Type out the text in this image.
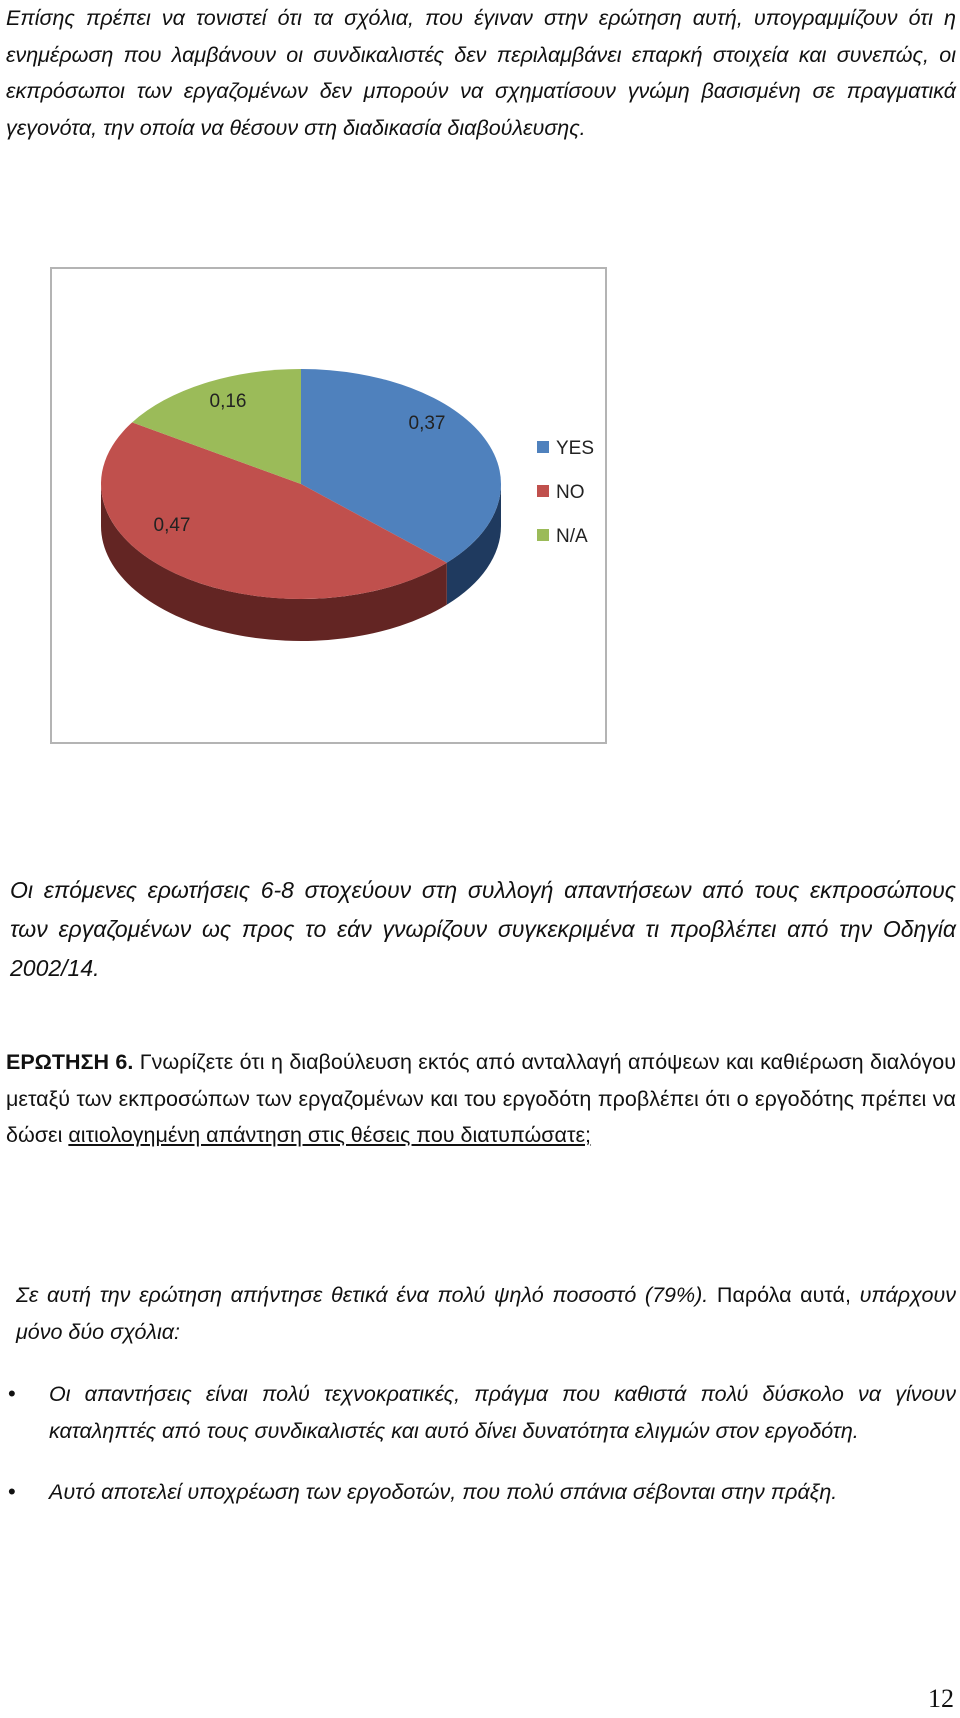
Επίσης πρέπει να τονιστεί ότι τα σχόλια, που έγιναν στην ερώτηση αυτή, υπογραμμίζουν ότι η ενημέρωση που λαμβάνουν οι συνδικαλιστές δεν περιλαμβάνει επαρκή στοιχεία και συνεπώς, οι εκπρόσωποι των εργαζομένων δεν μπορούν να σχηματίσουν γνώμη βασισμένη σε πραγματικά γεγονότα, την οποία να θέσουν στη διαδικασία διαβούλευσης.

0,37
0,47
0,16
YES
NO
N/A

Οι επόμενες ερωτήσεις 6-8 στοχεύουν στη συλλογή απαντήσεων από τους εκπροσώπους των εργαζομένων ως προς το εάν γνωρίζουν συγκεκριμένα τι προβλέπει από την Οδηγία 2002/14.

ΕΡΩΤΗΣΗ 6. Γνωρίζετε ότι η διαβούλευση εκτός από ανταλλαγή απόψεων και καθιέρωση διαλόγου μεταξύ των εκπροσώπων των εργαζομένων και του εργοδότη προβλέπει ότι ο εργοδότης πρέπει να δώσει αιτιολογημένη απάντηση στις θέσεις που διατυπώσατε;

Σε αυτή την ερώτηση απήντησε θετικά ένα πολύ ψηλό ποσοστό (79%). Παρόλα αυτά, υπάρχουν μόνο δύο σχόλια:

• Οι απαντήσεις είναι πολύ τεχνοκρατικές, πράγμα που καθιστά πολύ δύσκολο να γίνουν καταληπτές από τους συνδικαλιστές και αυτό δίνει δυνατότητα ελιγμών στον εργοδότη.
• Αυτό αποτελεί υποχρέωση των εργοδοτών, που πολύ σπάνια σέβονται στην πράξη.
12
